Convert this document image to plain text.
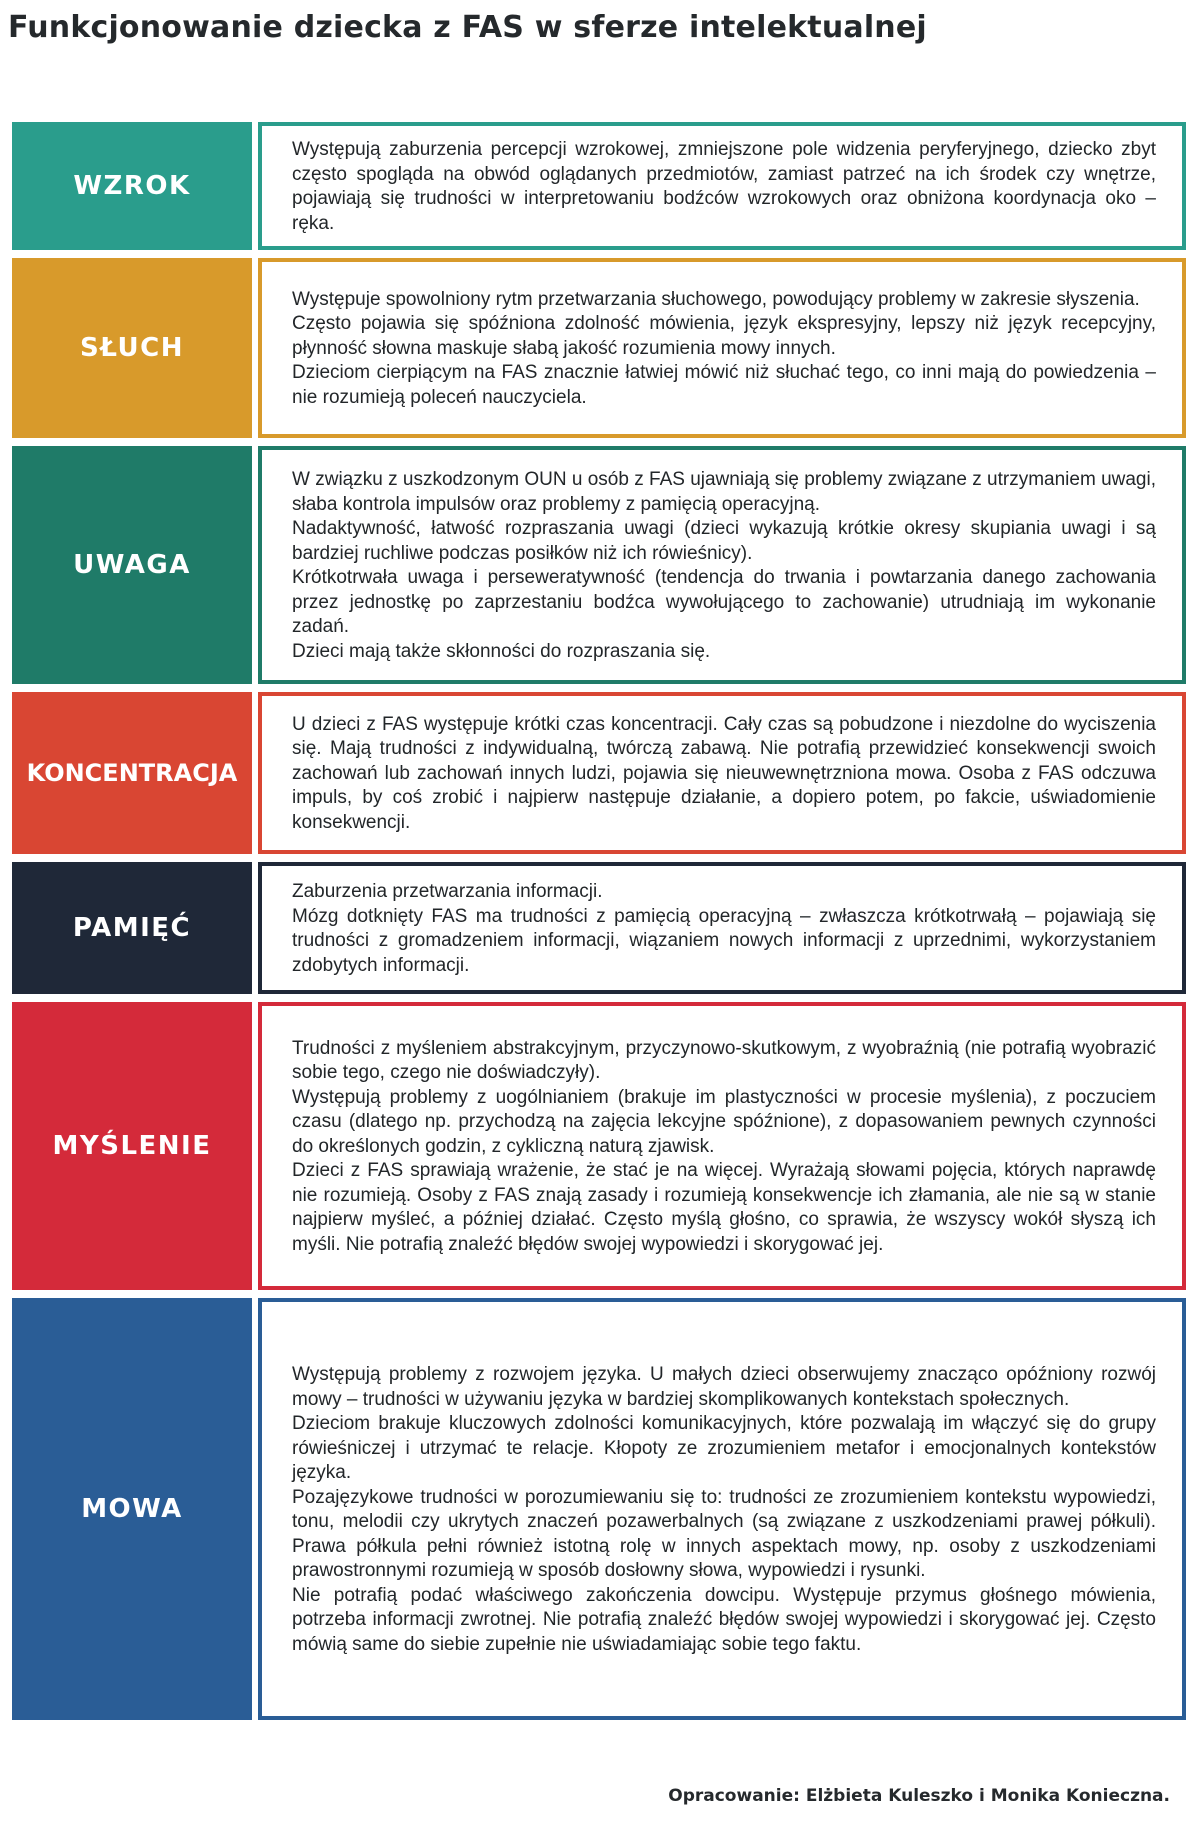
Funkcjonowanie dziecka z FAS w sferze intelektualnej
WZROK

Występują zaburzenia percepcji wzrokowej, zmniejszone pole widzenia peryferyjnego, dziecko zbyt często spogląda na obwód oglądanych przedmiotów, zamiast patrzeć na ich środek czy wnętrze, pojawiają się trudności w interpretowaniu bodźców wzrokowych oraz obniżona koordynacja oko – ręka.

SŁUCH

Występuje spowolniony rytm przetwarzania słuchowego, powodujący problemy w zakresie słyszenia.
Często pojawia się spóźniona zdolność mówienia, język ekspresyjny, lepszy niż język recepcyjny, płynność słowna maskuje słabą jakość rozumienia mowy innych.
Dzieciom cierpiącym na FAS znacznie łatwiej mówić niż słuchać tego, co inni mają do powiedzenia – nie rozumieją poleceń nauczyciela.

UWAGA

W związku z uszkodzonym OUN u osób z FAS ujawniają się problemy związane z utrzymaniem uwagi, słaba kontrola impulsów oraz problemy z pamięcią operacyjną.
Nadaktywność, łatwość rozpraszania uwagi (dzieci wykazują krótkie okresy skupiania uwagi i są bardziej ruchliwe podczas posiłków niż ich rówieśnicy).
Krótkotrwała uwaga i perseweratywność (tendencja do trwania i powtarzania danego zachowania przez jednostkę po zaprzestaniu bodźca wywołującego to zachowanie) utrudniają im wykonanie zadań.
Dzieci mają także skłonności do rozpraszania się.

KONCENTRACJA

U dzieci z FAS występuje krótki czas koncentracji. Cały czas są pobudzone i niezdolne do wyciszenia się. Mają trudności z indywidualną, twórczą zabawą. Nie potrafią przewidzieć konsekwencji swoich zachowań lub zachowań innych ludzi, pojawia się nieuwewnętrzniona mowa. Osoba z FAS odczuwa impuls, by coś zrobić i najpierw następuje działanie, a dopiero potem, po fakcie, uświadomienie konsekwencji.

PAMIĘĆ

Zaburzenia przetwarzania informacji.
Mózg dotknięty FAS ma trudności z pamięcią operacyjną – zwłaszcza krótkotrwałą – pojawiają się trudności z gromadzeniem informacji, wiązaniem nowych informacji z uprzednimi, wykorzystaniem zdobytych informacji.

MYŚLENIE

Trudności z myśleniem abstrakcyjnym, przyczynowo-skutkowym, z wyobraźnią (nie potrafią wyobrazić sobie tego, czego nie doświadczyły).
Występują problemy z uogólnianiem (brakuje im plastyczności w procesie myślenia), z poczuciem czasu (dlatego np. przychodzą na zajęcia lekcyjne spóźnione), z dopasowaniem pewnych czynności do określonych godzin, z cykliczną naturą zjawisk.
Dzieci z FAS sprawiają wrażenie, że stać je na więcej. Wyrażają słowami pojęcia, których naprawdę nie rozumieją. Osoby z FAS znają zasady i rozumieją konsekwencje ich złamania, ale nie są w stanie najpierw myśleć, a później działać. Często myślą głośno, co sprawia, że wszyscy wokół słyszą ich myśli. Nie potrafią znaleźć błędów swojej wypowiedzi i skorygować jej.

MOWA

Występują problemy z rozwojem języka. U małych dzieci obserwujemy znacząco opóźniony rozwój mowy – trudności w używaniu języka w bardziej skomplikowanych kontekstach społecznych.
Dzieciom brakuje kluczowych zdolności komunikacyjnych, które pozwalają im włączyć się do grupy rówieśniczej i utrzymać te relacje. Kłopoty ze zrozumieniem metafor i emocjonalnych kontekstów języka.
Pozajęzykowe trudności w porozumiewaniu się to: trudności ze zrozumieniem kontekstu wypowiedzi, tonu, melodii czy ukrytych znaczeń pozawerbalnych (są związane z uszkodzeniami prawej półkuli). Prawa półkula pełni również istotną rolę w innych aspektach mowy, np. osoby z uszkodzeniami prawostronnymi rozumieją w sposób dosłowny słowa, wypowiedzi i rysunki.
Nie potrafią podać właściwego zakończenia dowcipu. Występuje przymus głośnego mówienia, potrzeba informacji zwrotnej. Nie potrafią znaleźć błędów swojej wypowiedzi i skorygować jej. Często mówią same do siebie zupełnie nie uświadamiając sobie tego faktu.

Opracowanie: Elżbieta Kuleszko i Monika Konieczna.
